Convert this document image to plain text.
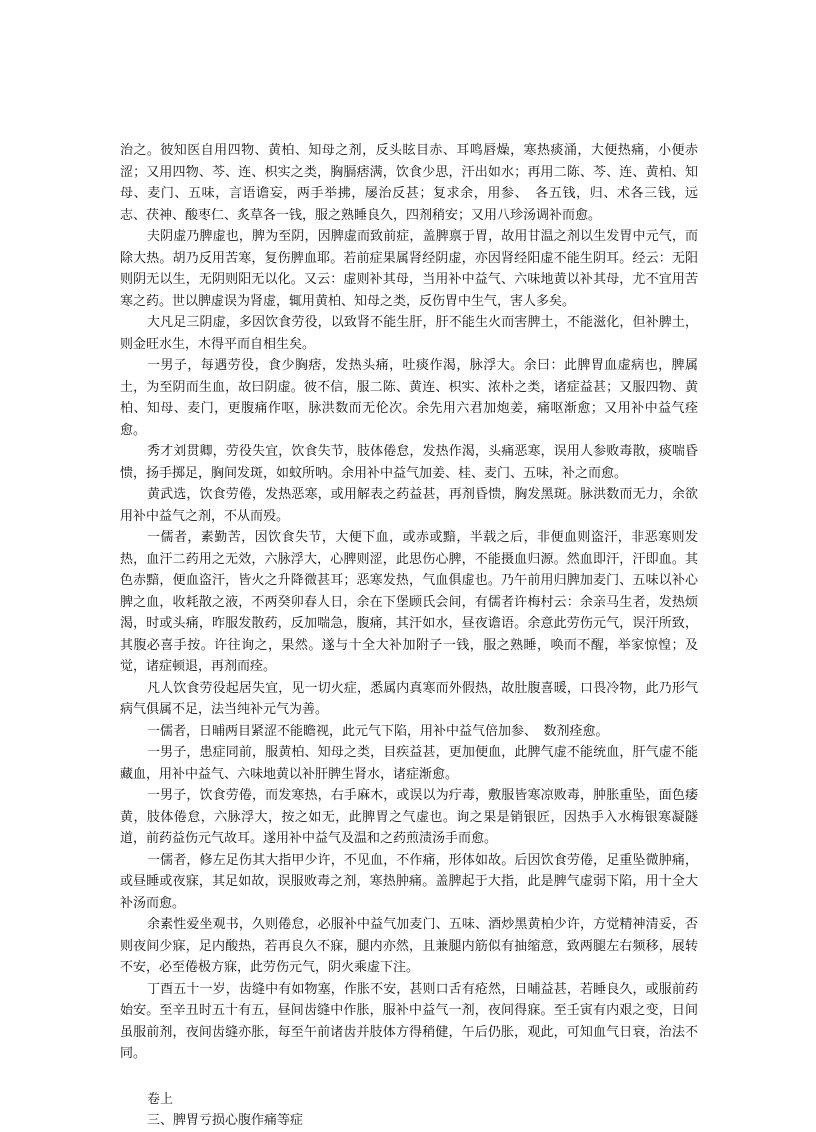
治之。彼知医自用四物、黄柏、知母之剂，反头眩目赤、耳鸣唇燥，寒热痰涌，大便热痛，小便赤涩；又用四物、芩、连、枳实之类，胸膈痞满，饮食少思，汗出如水；再用二陈、芩、连、黄柏、知母、麦门、五味，言语谵妄，两手举拂，屡治反甚；复求余，用参、　各五钱，归、术各三钱，远志、茯神、酸枣仁、炙草各一钱，服之熟睡良久，四剂稍安；又用八珍汤调补而愈。

夫阴虚乃脾虚也，脾为至阴，因脾虚而致前症，盖脾禀于胃，故用甘温之剂以生发胃中元气，而除大热。胡乃反用苦寒，复伤脾血耶。若前症果属肾经阴虚，亦因肾经阳虚不能生阴耳。经云：无阳则阴无以生，无阴则阳无以化。又云：虚则补其母，当用补中益气、六味地黄以补其母，尤不宜用苦寒之药。世以脾虚误为肾虚，辄用黄柏、知母之类，反伤胃中生气，害人多矣。

大凡足三阴虚，多因饮食劳役，以致肾不能生肝，肝不能生火而害脾土，不能滋化，但补脾土，则金旺水生，木得平而自相生矣。

一男子，每遇劳役，食少胸痞，发热头痛，吐痰作渴，脉浮大。余曰：此脾胃血虚病也，脾属土，为至阴而生血，故曰阴虚。彼不信，服二陈、黄连、枳实、浓朴之类，诸症益甚；又服四物、黄柏、知母、麦门，更腹痛作呕，脉洪数而无伦次。余先用六君加炮姜，痛呕渐愈；又用补中益气痊愈。

秀才刘贯卿，劳役失宜，饮食失节，肢体倦怠，发热作渴，头痛恶寒，误用人参败毒散，痰喘昏愦，扬手掷足，胸间发斑，如蚊所呐。余用补中益气加姜、桂、麦门、五味，补之而愈。

黄武选，饮食劳倦，发热恶寒，或用解表之药益甚，再剂昏愦，胸发黑斑。脉洪数而无力，余欲用补中益气之剂，不从而殁。

一儒者，素勤苦，因饮食失节，大便下血，或赤或黯，半载之后，非便血则盗汗，非恶寒则发热，血汗二药用之无效，六脉浮大，心脾则涩，此思伤心脾，不能摄血归源。然血即汗，汗即血。其色赤黯，便血盗汗，皆火之升降微甚耳；恶寒发热，气血俱虚也。乃午前用归脾加麦门、五味以补心脾之血，收耗散之液，不两癸卯春人日，余在下堡顾氏会间，有儒者许梅村云：余亲马生者，发热烦渴，时或头痛，昨服发散药，反加喘急，腹痛，其汗如水，昼夜谵语。余意此劳伤元气，误汗所致，其腹必喜手按。许往询之，果然。遂与十全大补加附子一钱，服之熟睡，唤而不醒，举家惊惶；及觉，诸症顿退，再剂而痊。

凡人饮食劳役起居失宜，见一切火症，悉属内真寒而外假热，故肚腹喜暖，口畏冷物，此乃形气病气俱属不足，法当纯补元气为善。

一儒者，日晡两目紧涩不能瞻视，此元气下陷，用补中益气倍加参、　数剂痊愈。

一男子，患症同前，服黄柏、知母之类，目疾益甚，更加便血，此脾气虚不能统血，肝气虚不能藏血，用补中益气、六味地黄以补肝脾生肾水，诸症渐愈。

一男子，饮食劳倦，而发寒热，右手麻木，或误以为疔毒，敷服皆寒凉败毒，肿胀重坠，面色痿黄，肢体倦怠，六脉浮大，按之如无，此脾胃之气虚也。询之果是销银匠，因热手入水梅银寒凝隧道，前药益伤元气故耳。遂用补中益气及温和之药煎渍汤手而愈。

一儒者，修左足伤其大指甲少许，不见血，不作痛，形体如故。后因饮食劳倦，足重坠微肿痛，或昼睡或夜寐，其足如故，误服败毒之剂，寒热肿痛。盖脾起于大指，此是脾气虚弱下陷，用十全大补汤而愈。

余素性爱坐观书，久则倦怠，必服补中益气加麦门、五味、酒炒黑黄柏少许，方觉精神清妥，否则夜间少寐，足内酸热，若再良久不寐，腿内亦然，且兼腿内筋似有抽缩意，致两腿左右频移，展转不安，必至倦极方寐，此劳伤元气，阴火乘虚下注。

丁酉五十一岁，齿缝中有如物塞，作胀不安，甚则口舌有疮然，日晡益甚，若睡良久，或服前药始安。至辛丑时五十有五，昼间齿缝中作胀，服补中益气一剂，夜间得寐。至壬寅有内艰之变，日间虽服前剂，夜间齿缝亦胀，每至午前诸齿并肢体方得稍健，午后仍胀，观此，可知血气日衰，治法不同。

卷上

三、脾胃亏损心腹作痛等症
